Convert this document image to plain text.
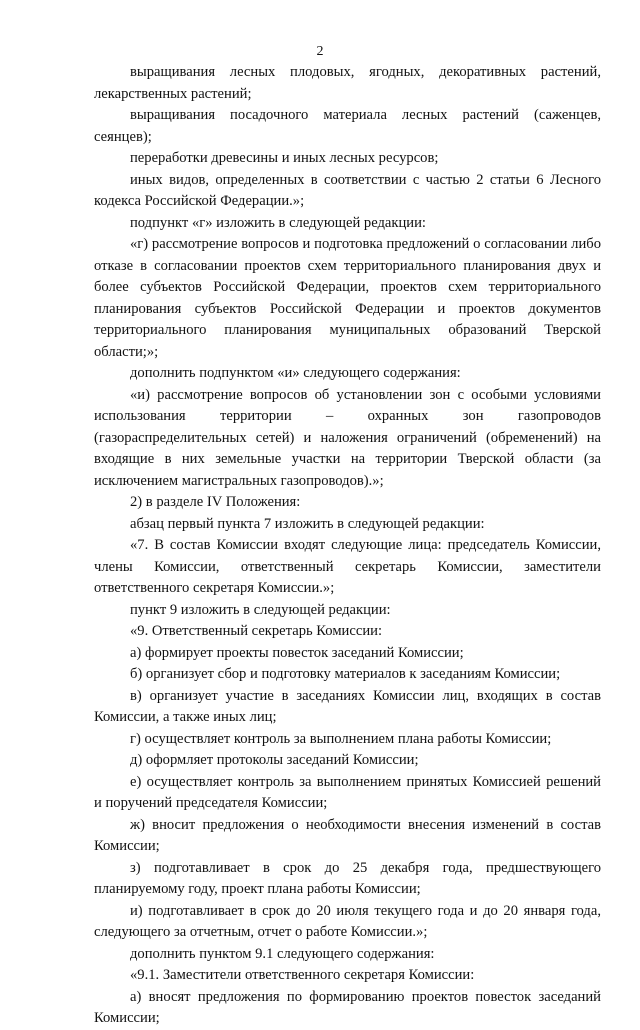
2

выращивания лесных плодовых, ягодных, декоративных растений, лекарственных растений;

выращивания посадочного материала лесных растений (саженцев, сеянцев);

переработки древесины и иных лесных ресурсов;

иных видов, определенных в соответствии с частью 2 статьи 6 Лесного кодекса Российской Федерации.»;

подпункт «г» изложить в следующей редакции:

«г) рассмотрение вопросов и подготовка предложений о согласовании либо отказе в согласовании проектов схем территориального планирования двух и более субъектов Российской Федерации, проектов схем территориального планирования субъектов Российской Федерации и проектов документов территориального планирования муниципальных образований Тверской области;»;

дополнить подпунктом «и» следующего содержания:

«и) рассмотрение вопросов об установлении зон с особыми условиями использования территории – охранных зон газопроводов (газораспределительных сетей) и наложения ограничений (обременений) на входящие в них земельные участки на территории Тверской области (за исключением магистральных газопроводов).»;

2) в разделе IV Положения:

абзац первый пункта 7 изложить в следующей редакции:

«7. В состав Комиссии входят следующие лица: председатель Комиссии, члены Комиссии, ответственный секретарь Комиссии, заместители ответственного секретаря Комиссии.»;

пункт 9 изложить в следующей редакции:

«9. Ответственный секретарь Комиссии:

а) формирует проекты повесток заседаний Комиссии;

б) организует сбор и подготовку материалов к заседаниям Комиссии;

в) организует участие в заседаниях Комиссии лиц, входящих в состав Комиссии, а также иных лиц;

г) осуществляет контроль за выполнением плана работы Комиссии;

д) оформляет протоколы заседаний Комиссии;

е) осуществляет контроль за выполнением принятых Комиссией решений и поручений председателя Комиссии;

ж) вносит предложения о необходимости внесения изменений в состав Комиссии;

з) подготавливает в срок до 25 декабря года, предшествующего планируемому году, проект плана работы Комиссии;

и) подготавливает в срок до 20 июля текущего года и до 20 января года, следующего за отчетным, отчет о работе Комиссии.»;

дополнить пунктом 9.1 следующего содержания:

«9.1. Заместители ответственного секретаря Комиссии:

а) вносят предложения по формированию проектов повесток заседаний Комиссии;
